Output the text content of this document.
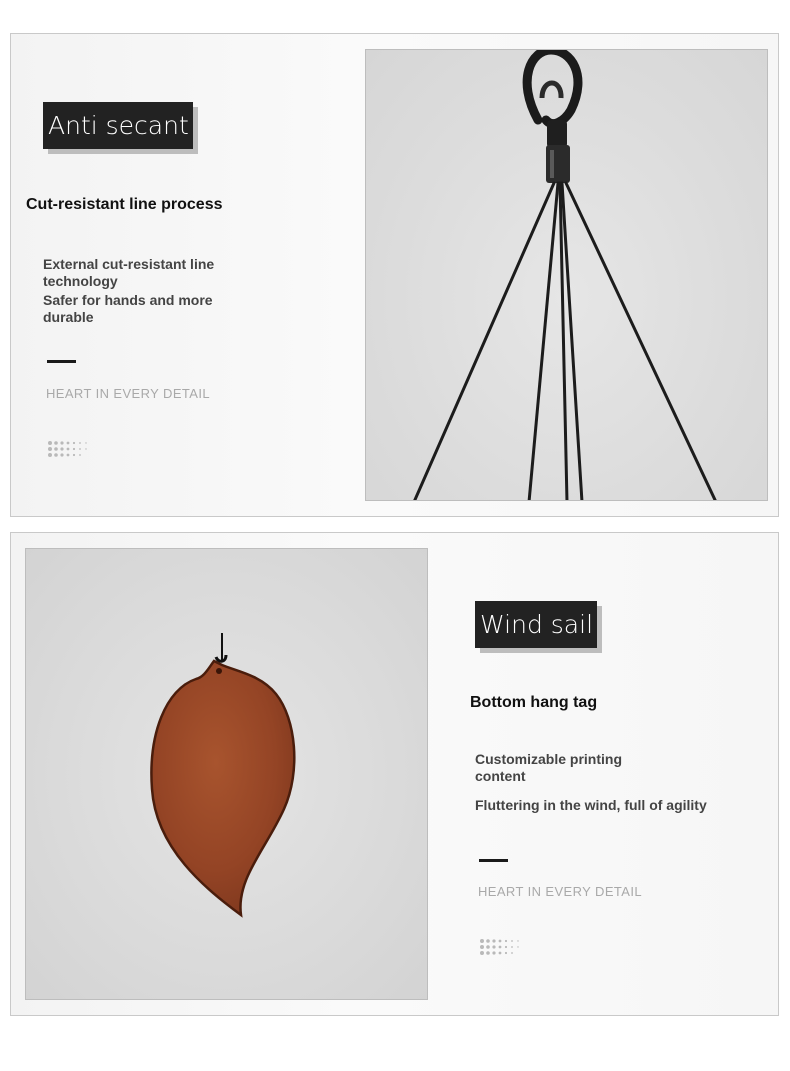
Anti secant
Cut-resistant line process
External cut-resistant line technology
Safer for hands and more durable
HEART IN EVERY DETAIL
Wind sail
Bottom hang tag
Customizable printing content
Fluttering in the wind, full of agility
HEART IN EVERY DETAIL
